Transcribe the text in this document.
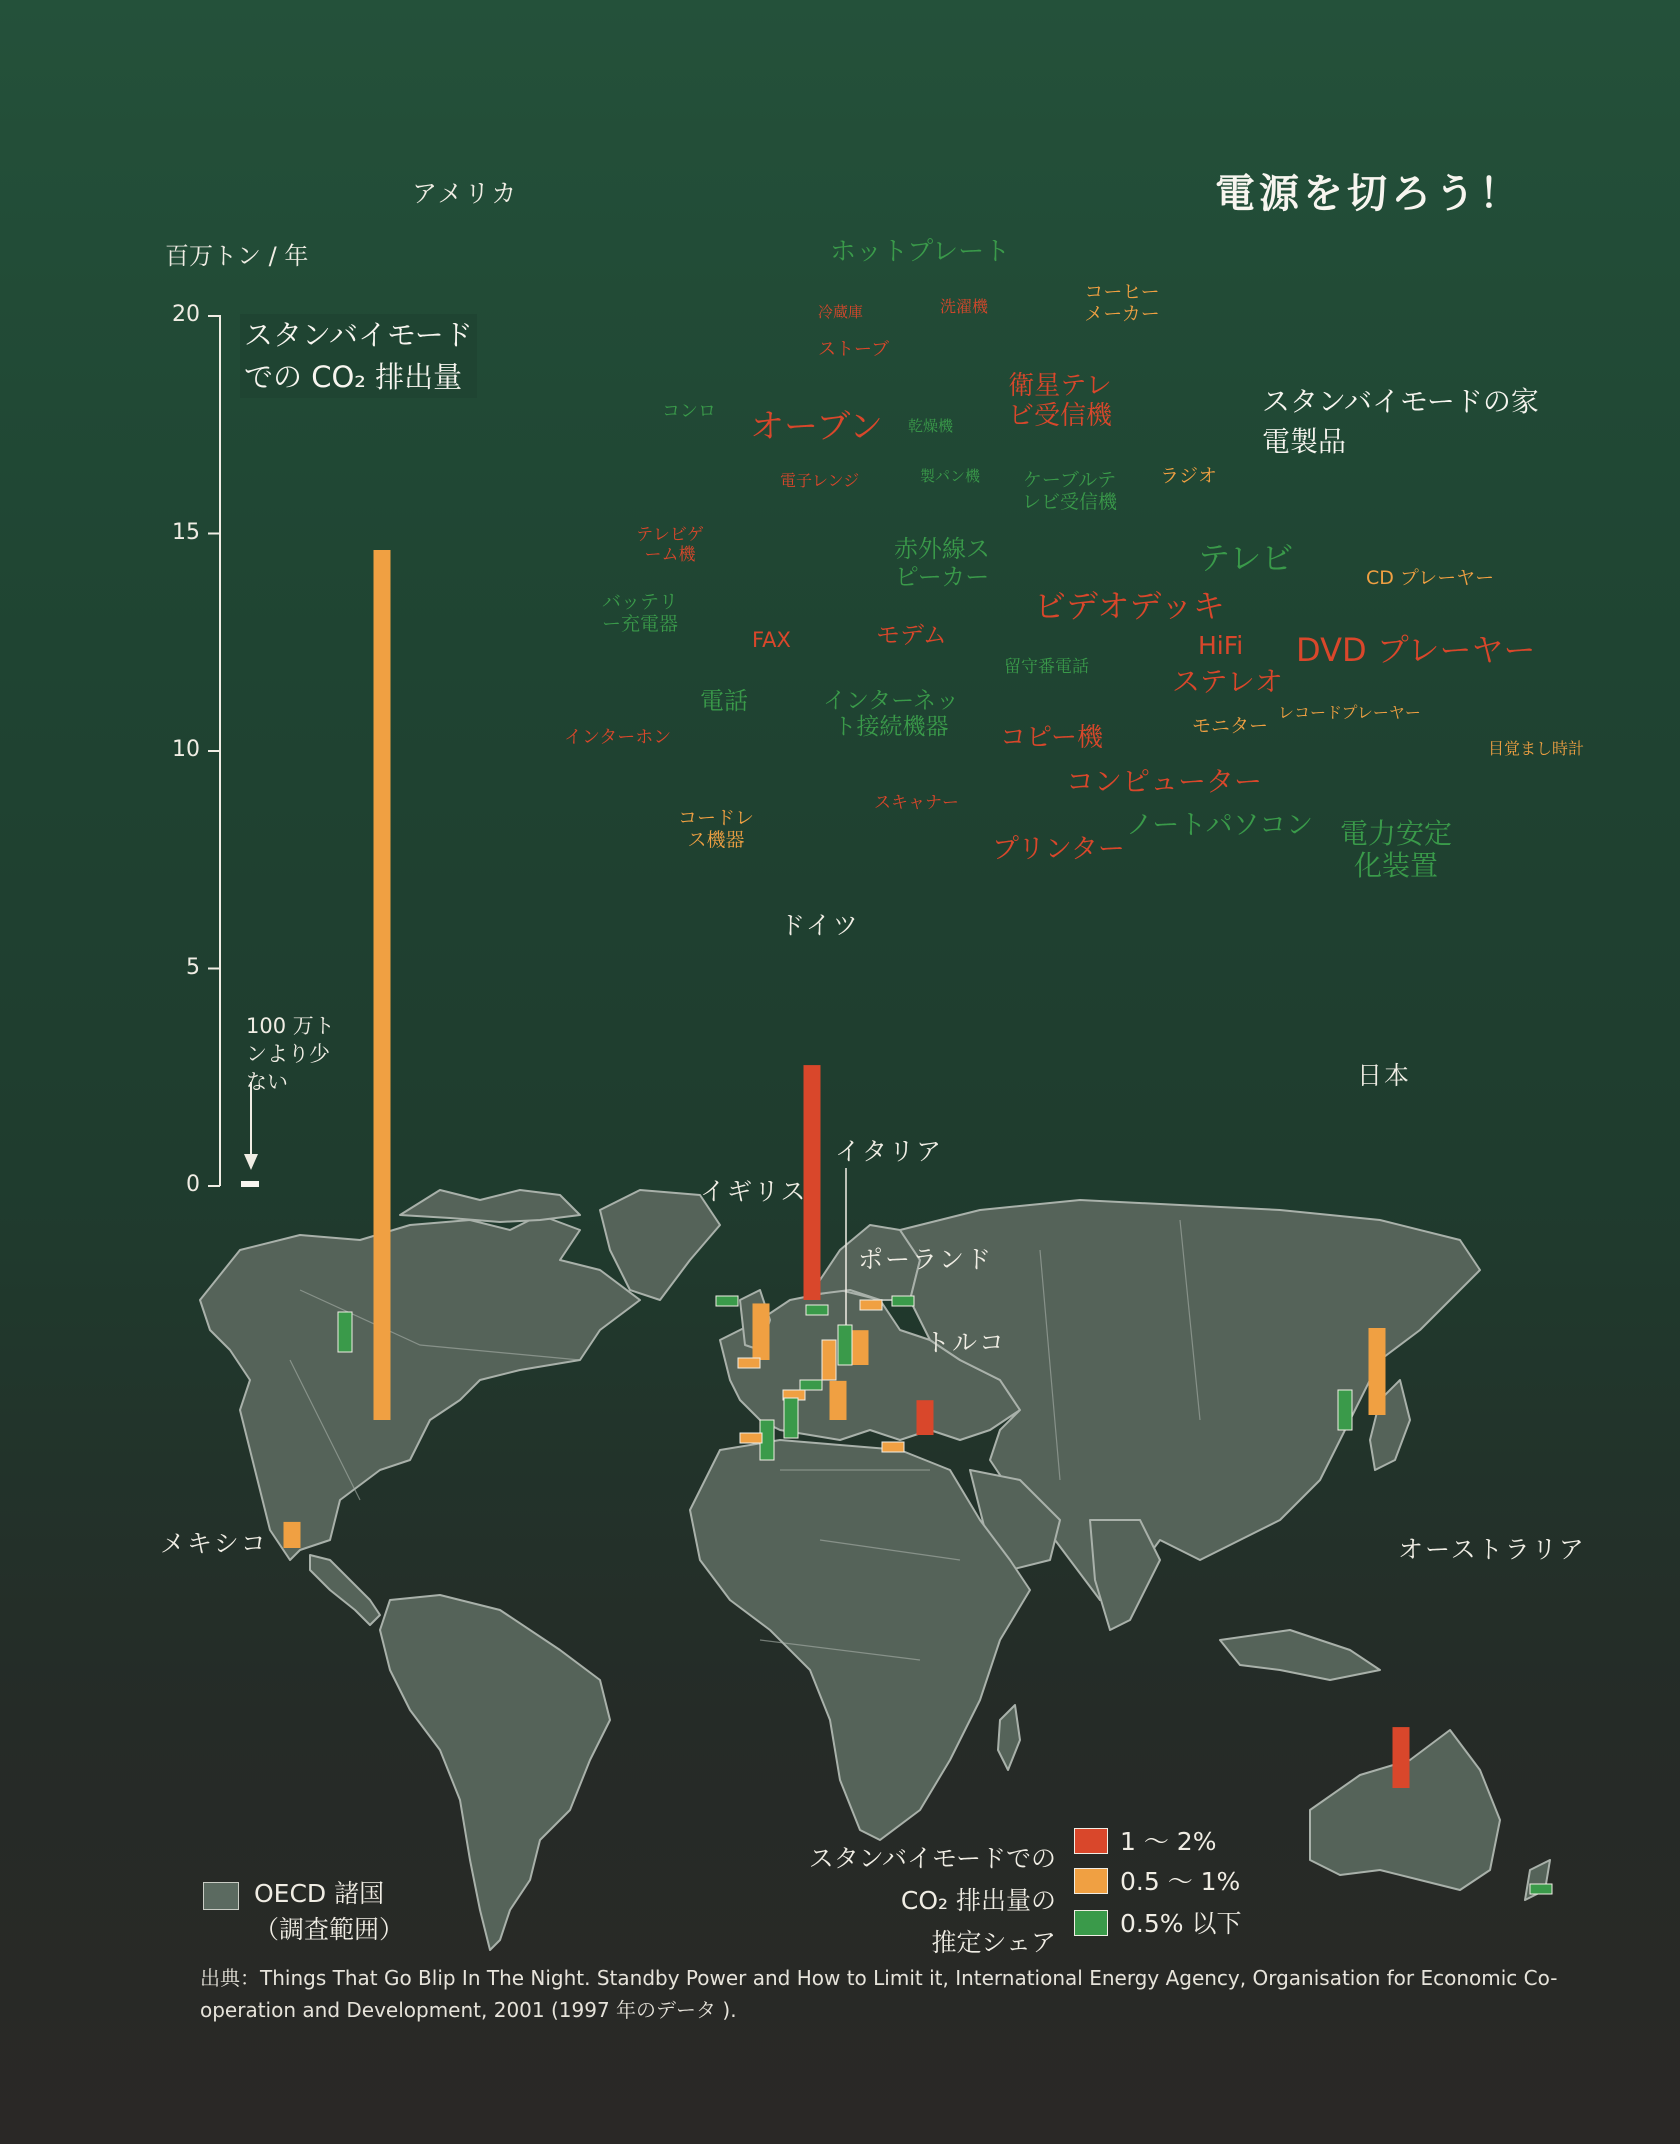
電源を切ろう！
スタンバイモードの家電製品
百万トン / 年
スタンバイモード
での CO₂ 排出量
0
5
10
15
20
100 万トンより少ない
ホットプレート
冷蔵庫	洗濯機
コーヒーメーカー
ストーブ
コンロ オーブン 乾燥機
衛星テレビ受信機
電子レンジ	製パン機 ケーブルテレビ受信機
ラジオ
テレビゲーム機	赤外線スピーカー	テレビ
CD プレーヤー
バッテリー充電器
FAX	モデム
ビデオデッキ
留守番電話
HiFi DVD プレーヤー
電話	インターネット接続機器
ステレオ
インターホン	コピー機	モニター
レコードプレーヤー
目覚まし時計
コンピューター
コードレス機器
スキャナー
ノートパソコン 電力安定化装置
プリンター
アメリカ
ドイツ
日本
イギリス
イタリア
ポーランド
トルコ
メキシコ	オーストラリア
OECD 諸国
（調査範囲）
スタンバイモードでの
CO₂ 排出量の
推定シェア
1 ～ 2%
0.5 ～ 1%
0.5% 以下
出典：Things That Go Blip In The Night. Standby Power and How to Limit it, International Energy Agency, Organisation for Economic Co-operation and Development, 2001 (1997 年のデータ ).
